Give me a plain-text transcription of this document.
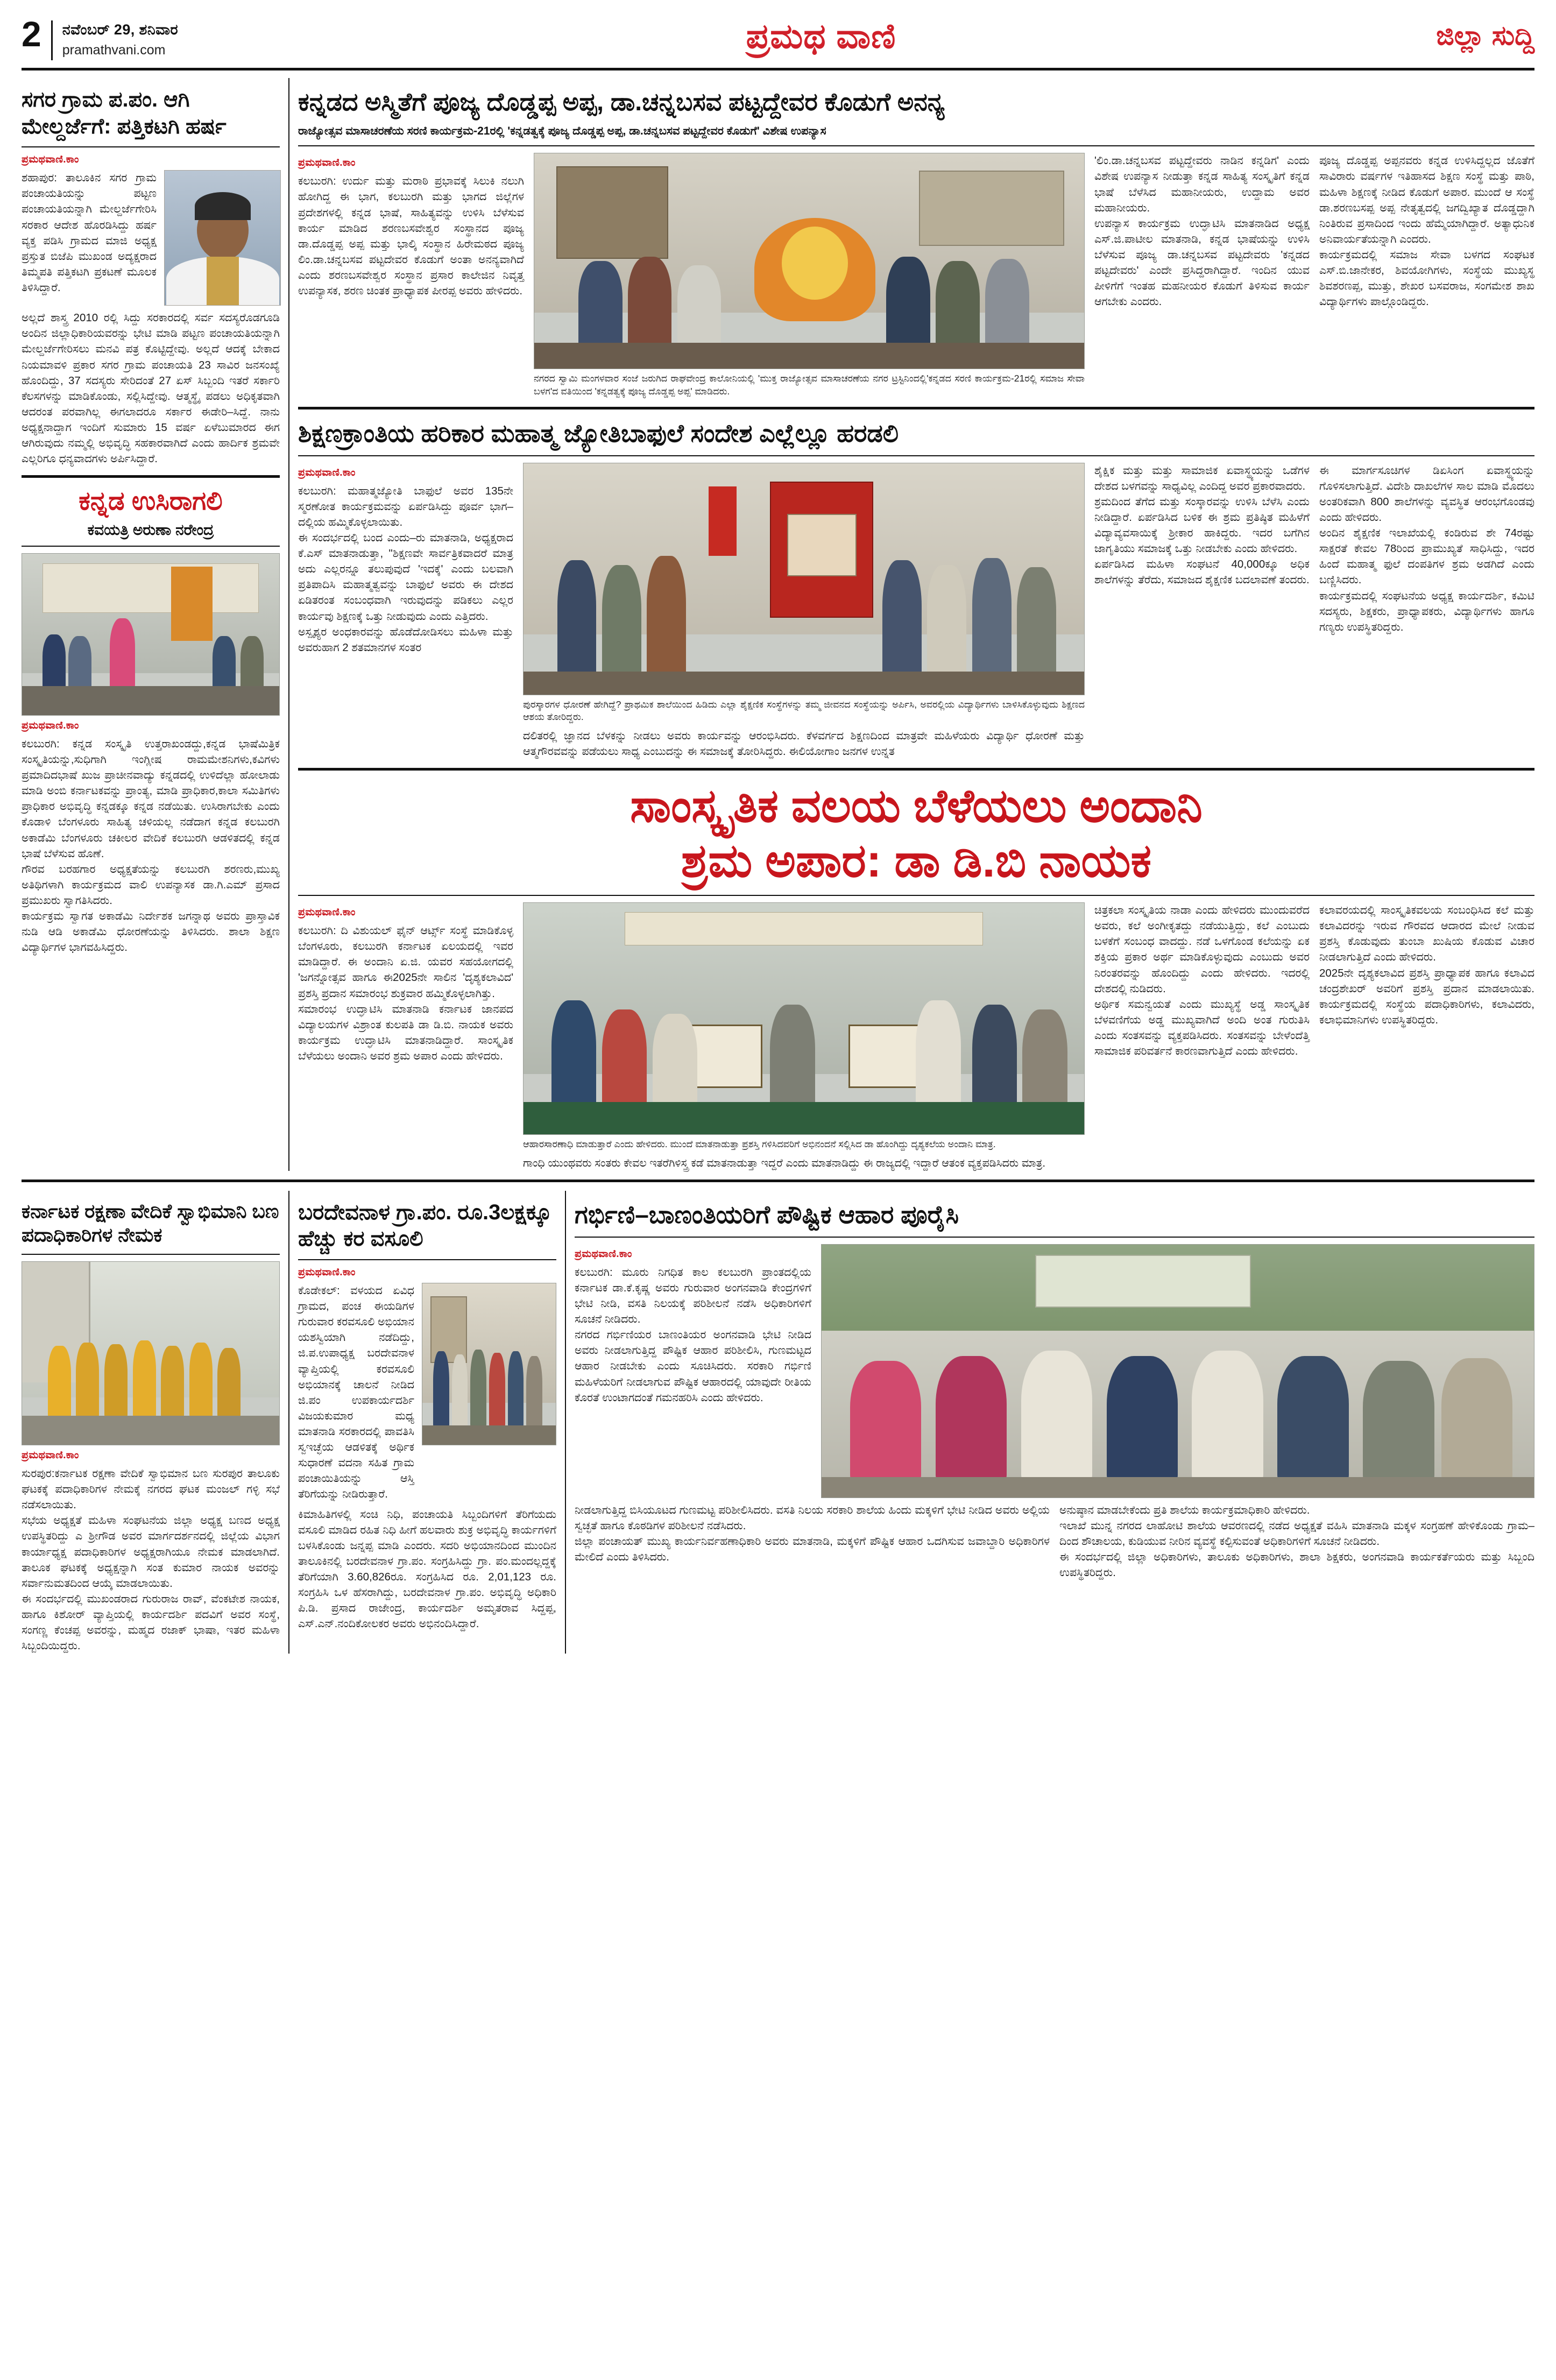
2 ನವೆಂಬರ್ 29, ಶನಿವಾರ
pramathvani.com	ಪ್ರಮಥ ವಾಣಿ	ಜಿಲ್ಲಾ ಸುದ್ದಿ
ಸಗರ ಗ್ರಾಮ ಪ.ಪಂ. ಆಗಿ ಮೇಲ್ದರ್ಜೆಗೆ: ಪತ್ತಿಕಟಗಿ ಹರ್ಷ
ಪ್ರಮಥವಾಣಿ.ಕಾಂ
ಶಹಾಪುರ: ತಾಲೂಕಿನ ಸಗರ ಗ್ರಾಮ ಪಂಚಾಯತಿಯನ್ನು ಪಟ್ಟಣ ಪಂಚಾಯತಿಯನ್ನಾಗಿ ಮೇಲ್ದರ್ಜೆಗೇರಿಸಿ ಸರಕಾರ ಆದೇಶ ಹೊರಡಿಸಿದ್ದು ಹರ್ಷ ವ್ಯಕ್ತ ಪಡಿಸಿ ಗ್ರಾಮದ ಮಾಜಿ ಅಧ್ಯಕ್ಷ ಪ್ರಸ್ತುತ ಬಿಜೆಪಿ ಮುಖಂಡ ಅದ್ಯಕ್ಷರಾದ ತಿಮ್ಮಪತಿ ಪತ್ತಿಕಟಗಿ ಪ್ರಕಟಣೆ ಮೂಲಕ ತಿಳಿಸಿದ್ದಾರೆ.
ಅಲ್ಲದೆ ಶಾಸ್ತ್ರ 2010 ರಲ್ಲಿ ಸಿದ್ದು ಸರಕಾರದಲ್ಲಿ ಸರ್ವ ಸದಸ್ಯರೊಡಗೂಡಿ ಅಂದಿನ ಜಿಲ್ಲಾಧಿಕಾರಿಯವರನ್ನು ಭೇಟಿ ಮಾಡಿ ಪಟ್ಟಣ ಪಂಚಾಯತಿಯನ್ನಾಗಿ ಮೇಲ್ದರ್ಜೆಗೇರಿಸಲು ಮನವಿ ಪತ್ರ ಕೊಟ್ಟಿದ್ದೇವು. ಅಲ್ಲದೆ ಆದಕ್ಕೆ ಬೇಕಾದ ನಿಯಮಾವಳಿ ಪ್ರಕಾರ ಸಗರ ಗ್ರಾಮ ಪಂಚಾಯತಿ 23 ಸಾವಿರ ಜನಸಂಖ್ಯೆ ಹೊಂದಿದ್ದು, 37 ಸದಸ್ಯರು ಸೇರಿದಂತೆ 27 ಏಸ್ ಸಿಬ್ಬಂದಿ ಇತರೆ ಸರ್ಕಾರಿ ಕೆಲಸಗಳನ್ನು ಮಾಡಿಕೊಂಡು, ಸಲ್ಲಿಸಿದ್ದೇವು. ಆತ್ಮಸ್ಥೈ ಪಡಲು ಅಧಿಕೃತವಾಗಿ ಆದರಂತ ಪರವಾಗಿಲ್ಲ ಈಗಲಾದರೂ ಸರ್ಕಾರ ಈಡೇರಿ–ಸಿದ್ದೆ. ನಾನು ಅಧ್ಯಕ್ಷನಾದ್ದಾಗ ಇಂದಿಗೆ ಸುಮಾರು 15 ವರ್ಷ ಏಳೆಬುಮಾರದ ಈಗ ಆಗಿರುವುದು ನಮ್ಮಲ್ಲಿ ಅಭಿವೃದ್ಧಿ ಸಹಕಾರವಾಗಿದೆ ಎಂದು ಹಾರ್ದಿಕ ಶ್ರಮವೇ ಎಲ್ಲರಿಗೂ ಧನ್ಯವಾದಗಳು ಅರ್ಪಿಸಿದ್ದಾರೆ.
ಕನ್ನಡ ಉಸಿರಾಗಲಿ
ಕವಯತ್ರಿ ಅರುಣಾ ನರೇಂದ್ರ
ಪ್ರಮಥವಾಣಿ.ಕಾಂ
ಕಲಬುರಗಿ: ಕನ್ನಡ ಸಂಸ್ಕೃತಿ ಉತ್ತರಾಖಂಡದ್ದು,ಕನ್ನಡ ಭಾಷೆಮಿತ್ರಿಕ ಸಂಸ್ಕೃತಿಯನ್ನು,ಸುಧಿಗಾಗಿ ಇಂಗ್ಲೀಷ ರಾಮಮೇಶನಿಗಳು,ಕವಿಗಳು ಪ್ರಮಾದಿದಭಾಷೆ ಖುಜ ಪ್ರಾಚೀನವಾದ್ಯು ಕನ್ನಡದಲ್ಲಿ ಉಳಿದೆಲ್ಲಾ ಹೋಲಾಡು ಮಾಡಿ ಅಂಬಿ ಕರ್ನಾಟಕವನ್ನು ಪ್ರಾಂತ್ಯ, ಮಾಡಿ ಪ್ರಾಧಿಕಾರ,ಕಾಲಾ ಸಮಿತಿಗಳು ಪ್ರಾಧಿಕಾರ ಅಭಿವೃದ್ಧಿ ಕನ್ನಡಕ್ಕೂ ಕನ್ನಡ ನಡೆಯಿತು. ಉಸಿರಾಗಬೇಕು ಎಂದು ಕೊಡಾಳಿ ಬೆಂಗಳೂರು ಸಾಹಿತ್ಯ ಚಳಿಯಲ್ಲ ನಡೆದಾಗ ಕನ್ನಡ ಕಲಬುರಗಿ ಅಕಾಡೆಮಿ ಬೆಂಗಳೂರು ಚಕೀಲರ ವೇದಿಕೆ ಕಲಬುರಗಿ ಆಡಳಿತದಲ್ಲಿ ಕನ್ನಡ ಭಾಷೆ ಬೆಳೆಸುವ ಹೊಣೆ.
ಗೌರವ ಬರಹಗಾರ ಅಧ್ಯಕ್ಷತೆಯನ್ನು ಕಲಬುರಗಿ ಶರಣರು,ಮುಖ್ಯ ಅತಿಥಿಗಳಾಗಿ ಕಾರ್ಯಕ್ರಮದ ವಾಲಿ ಉಪನ್ಯಾಸಕ ಡಾ.ಗಿ.ಎಮ್ ಪ್ರಸಾದ ಪ್ರಮುಖರು ಸ್ವಾಗತಿಸಿದರು.
ಕಾರ್ಯಕ್ರಮ ಸ್ವಾಗತ ಅಕಾಡೆಮಿ ನಿರ್ದೇಶಕ ಜಗನ್ನಾಥ ಅವರು ಪ್ರಾಸ್ತಾವಿಕ ನುಡಿ ಆಡಿ ಅಕಾಡೆಮಿ ಧೋರಣೆಯನ್ನು ತಿಳಿಸಿದರು. ಶಾಲಾ ಶಿಕ್ಷಣ ವಿದ್ಯಾರ್ಥಿಗಳ ಭಾಗವಹಿಸಿದ್ದರು.
ಕನ್ನಡದ ಅಸ್ಮಿತೆಗೆ ಪೂಜ್ಯ ದೊಡ್ಡಪ್ಪ ಅಪ್ಪ, ಡಾ.ಚನ್ನಬಸವ ಪಟ್ಟದ್ದೇವರ ಕೊಡುಗೆ ಅನನ್ಯ
ರಾಜ್ಯೋತ್ಸವ ಮಾಸಾಚರಣೆಯ ಸರಣಿ ಕಾರ್ಯಕ್ರಮ-21ರಲ್ಲಿ 'ಕನ್ನಡತ್ವಕ್ಕೆ ಪೂಜ್ಯ ದೊಡ್ಡಪ್ಪ ಅಪ್ಪ, ಡಾ.ಚನ್ನಬಸವ ಪಟ್ಟದ್ದೇವರ ಕೊಡುಗೆ' ವಿಶೇಷ ಉಪನ್ಯಾಸ
ಪ್ರಮಥವಾಣಿ.ಕಾಂ
ಕಲಬುರಗಿ: ಉರ್ದು ಮತ್ತು ಮರಾಠಿ ಪ್ರಭಾವಕ್ಕೆ ಸಿಲುಕಿ ನಲುಗಿ ಹೋಗಿದ್ದ ಈ ಭಾಗ, ಕಲಬುರಗಿ ಮತ್ತು ಭಾಗದ ಜಿಲ್ಲೆಗಳ ಪ್ರದೇಶಗಳಲ್ಲಿ ಕನ್ನಡ ಭಾಷೆ, ಸಾಹಿತ್ಯವನ್ನು ಉಳಿಸಿ ಬೆಳೆಸುವ ಕಾರ್ಯ ಮಾಡಿದ ಶರಣಬಸವೇಶ್ವರ ಸಂಸ್ಥಾನದ ಪೂಜ್ಯ ಡಾ.ದೊಡ್ಡಪ್ಪ ಅಪ್ಪ ಮತ್ತು ಭಾಲ್ಕಿ ಸಂಸ್ಥಾನ ಹಿರೇಮಠದ ಪೂಜ್ಯ ಲಿಂ.ಡಾ.ಚನ್ನಬಸವ ಪಟ್ಟದೇವರ ಕೊಡುಗೆ ಅಂತಾ ಅನನ್ಯವಾಗಿದೆ ಎಂದು ಶರಣಬಸವೇಶ್ವರ ಸಂಸ್ಥಾನ ಪ್ರಸಾರ ಕಾಲೇಜಿನ ನಿವೃತ್ತ ಉಪನ್ಯಾಸಕ, ಶರಣ ಚಿಂತಕ ಪ್ರಾಧ್ಯಾಪಕ ಪೀರಪ್ಪ ಅವರು ಹೇಳಿದರು.
ನಗರದ ಸ್ವಾಮಿ ಮಂಗಳವಾರ ಸಂಜೆ ಜರುಗಿದ ರಾಘವೇಂದ್ರ ಕಾಲೋನಿಯಲ್ಲಿ 'ಮುಕ್ತ ರಾಜ್ಯೋತ್ಸವ ಮಾಸಾಚರಣೆಯ ನಗರ ಟ್ರಸ್ಟಿನಿಂದಲ್ಲಿ'ಕನ್ನಡದ ಸರಣಿ ಕಾರ್ಯಕ್ರಮ-21ರಲ್ಲಿ ಸಮಾಜ ಸೇವಾ ಬಳಗ'ದ ವತಿಯಿಂದ 'ಕನ್ನಡತ್ವಕ್ಕೆ ಪೂಜ್ಯ ದೊಡ್ಡಪ್ಪ ಅಪ್ಪ' ಮಾಡಿದರು.
'ಲಿಂ.ಡಾ.ಚನ್ನಬಸವ ಪಟ್ಟದ್ದೇವರು ನಾಡಿನ ಕನ್ನಡಿಗ' ಎಂದು ವಿಶೇಷ ಉಪನ್ಯಾಸ ನೀಡುತ್ತಾ ಕನ್ನಡ ಸಾಹಿತ್ಯ ಸಂಸ್ಕೃತಿಗೆ ಕನ್ನಡ ಭಾಷೆ ಬೆಳೆಸಿದ ಮಹಾನೀಯರು, ಉದ್ದಾಮ ಅವರ ಮಹಾನೀಯರು.
ಉಪನ್ಯಾಸ ಕಾರ್ಯಕ್ರಮ ಉದ್ಘಾಟಿಸಿ ಮಾತನಾಡಿದ ಅಧ್ಯಕ್ಷ ಎಸ್.ಜಿ.ಪಾಟೀಲ ಮಾತನಾಡಿ, ಕನ್ನಡ ಭಾಷೆಯನ್ನು ಉಳಿಸಿ ಬೆಳೆಸುವ ಪೂಜ್ಯ ಡಾ.ಚನ್ನಬಸವ ಪಟ್ಟದೇವರು 'ಕನ್ನಡದ ಪಟ್ಟದೇವರು' ಎಂದೇ ಪ್ರಸಿದ್ದರಾಗಿದ್ದಾರೆ. ಇಂದಿನ ಯುವ ಪೀಳಿಗೆಗೆ ಇಂತಹ ಮಹನೀಯರ ಕೊಡುಗೆ ತಿಳಿಸುವ ಕಾರ್ಯ ಆಗಬೇಕು ಎಂದರು.
ಪೂಜ್ಯ ದೊಡ್ಡಪ್ಪ ಅಪ್ಪನವರು ಕನ್ನಡ ಉಳಿಸಿದ್ದಲ್ಲದ ಜೊತೆಗೆ ಸಾವಿರಾರು ವರ್ಷಗಳ ಇತಿಹಾಸದ ಶಿಕ್ಷಣ ಸಂಸ್ಥೆ ಮತ್ತು ಪಾಠಿ, ಮಹಿಳಾ ಶಿಕ್ಷಣಕ್ಕೆ ನೀಡಿದ ಕೊಡುಗೆ ಅಪಾರ. ಮುಂದೆ ಆ ಸಂಸ್ಥೆ ಡಾ.ಶರಣಬಸಪ್ಪ ಅಪ್ಪ ನೇತೃತ್ವದಲ್ಲಿ ಜಗದ್ವಿಖ್ಯಾತ ದೊಡ್ಡದ್ದಾಗಿ ನಿಂತಿರುವ ಪ್ರಸಾದಿಂದ ಇಂದು ಹೆಮ್ಮೆಯಾಗಿದ್ದಾರೆ. ಅತ್ಯಾಧುನಿಕ ಅನಿವಾರ್ಯತೆಯನ್ನಾಗಿ ಎಂದರು.
ಕಾರ್ಯಕ್ರಮದಲ್ಲಿ ಸಮಾಜ ಸೇವಾ ಬಳಗದ ಸಂಘಟಕ ಎಸ್.ಬಿ.ಜಾನೇಕರ, ಶಿವಯೋಗಿಗಳು, ಸಂಸ್ಥೆಯ ಮುಖ್ಯಸ್ಥ ಶಿವಶರಣಪ್ಪ, ಮುತ್ತು, ಶೇಖರ ಬಸವರಾಜ, ಸಂಗಮೇಶ ಶಾಖ ವಿದ್ಯಾರ್ಥಿಗಳು ಪಾಲ್ಗೊಂಡಿದ್ದರು.
ಶಿಕ್ಷಣಕ್ರಾಂತಿಯ ಹರಿಕಾರ ಮಹಾತ್ಮ ಜ್ಯೋತಿಬಾಫುಲೆ ಸಂದೇಶ ಎಲ್ಲೆಲ್ಲೂ ಹರಡಲಿ
ಪ್ರಮಥವಾಣಿ.ಕಾಂ
ಕಲಬುರಗಿ: ಮಹಾತ್ಮಜ್ಯೋತಿ ಬಾಫುಲೆ ಅವರ 135ನೇ ಸ್ಮರಣೋತ ಕಾರ್ಯಕ್ರಮವನ್ನು ಏರ್ಪಡಿಸಿದ್ದು ಪೂರ್ವ ಭಾಗ–ದಲ್ಲಿಯ ಹಮ್ಮಿಕೊಳ್ಳಲಾಯಿತು.
ಈ ಸಂದರ್ಭದಲ್ಲಿ ಬಂದ ಎಂದು–ರು ಮಾತನಾಡಿ, ಅಧ್ಯಕ್ಷರಾದ ಕೆ.ಎಸ್ ಮಾತನಾಡುತ್ತಾ, "ಶಿಕ್ಷಣವೇ ಸಾರ್ವತ್ರಿಕವಾದರೆ ಮಾತ್ರ ಅದು ಎಲ್ಲರನ್ನೂ ತಲುಪುವುದೆ 'ಇದಕ್ಕೆ' ಎಂದು ಬಲವಾಗಿ ಪ್ರತಿಪಾದಿಸಿ ಮಹಾತ್ಮತ್ವವನ್ನು ಬಾಫುಲೆ ಅವರು ಈ ದೇಶದ ಏಡಿತರಂತ ಸಂಬಂಧವಾಗಿ ಇರುವುದನ್ನು ಪಡಿಕಲು ಎಲ್ಲರ ಕಾರ್ಯವು ಶಿಕ್ಷಣಕ್ಕೆ ಒತ್ತು ನೀಡುವುದು ಎಂದು ಎತ್ತಿದರು.
ಅಸ್ಪೃಶ್ಯರ ಅಂಧಕಾರವನ್ನು ಹೊಡೆದೋಡಿಸಲು ಮಹಿಳಾ ಮತ್ತು ಅವರುಹಾಗ 2 ಶತಮಾನಗಳ ಸಂತರ
ಪುರಸ್ಕಾರಗಳ ಧೋರಣೆ ಹೇಗಿದ್ದೆ? ಪ್ರಾಥಮಿಕ ಶಾಲೆಯಿಂದ ಹಿಡಿದು ಎಲ್ಲಾ ಶೈಕ್ಷಣಿಕ ಸಂಸ್ಥೆಗಳನ್ನು ತಮ್ಮ ಜೀವನದ ಸಂಸ್ಥೆಯನ್ನು ಅರ್ಪಿಸಿ, ಅವರಲ್ಲಿಯ ವಿದ್ಯಾರ್ಥಿಗಳು ಬಾಳಿಸಿಕೊಳ್ಳುವುದು ಶಿಕ್ಷಣದ ಆಶಯ ತೋರಿದ್ದರು.
ದಲಿತರಲ್ಲಿ ಜ್ಞಾನದ ಬೆಳಕನ್ನು ನೀಡಲು ಅವರು ಕಾರ್ಯವನ್ನು ಆರಂಭಿಸಿದರು. ಕೆಳವರ್ಗದ ಶಿಕ್ಷಣದಿಂದ ಮಾತ್ರವೇ ಮಹಿಳೆಯರು ವಿದ್ಯಾರ್ಥಿ ಧೋರಣೆ ಮತ್ತು ಆತ್ಮಗೌರವವನ್ನು ಪಡೆಯಲು ಸಾಧ್ಯ ಎಂಬುದನ್ನು ಈ ಸಮಾಜಕ್ಕೆ ತೋರಿಸಿದ್ದರು. ಈಲಿಯೋಗಾಂ ಜನಗಳ ಉನ್ನತ
ಶೈಕ್ಷಿಕ ಮತ್ತು ಮತ್ತು ಸಾಮಾಜಿಕ ಏವಾಸ್ಥ್ಯಯನ್ನು ಒಡೆಗಳ ದೇಶದ ಬಳಗವನ್ನು ಸಾಧ್ಯವಿಲ್ಲ ಎಂದಿದ್ದ ಅವರ ಪ್ರಕಾರವಾದರು.
ಶ್ರಮದಿಂದ ತೆಗೆದ ಮತ್ತು ಸಂಸ್ಕಾರವನ್ನು ಉಳಿಸಿ ಬೆಳೆಸಿ ಎಂದು ನೀಡಿದ್ದಾರೆ. ಏರ್ಪಡಿಸಿದ ಬಳಿಕ ಈ ಶ್ರಮ ಪ್ರತಿಷ್ಠಿತ ಮಹಿಳೆಗೆ ವಿದ್ಯಾವ್ಯವಸಾಯಿಕ್ಕೆ ಶ್ರೀಕಾರ ಹಾಕಿದ್ದರು. ಇದರ ಬಗೆಗಿನ ಜಾಗೃತಿಯು ಸಮಾಜಕ್ಕೆ ಒತ್ತು ನೀಡಬೇಕು ಎಂದು ಹೇಳಿದರು.
ಏರ್ಪಡಿಸಿದ ಮಹಿಳಾ ಸಂಘಟನೆ 40,000ಕ್ಕೂ ಅಧಿಕ ಶಾಲೆಗಳನ್ನು ತೆರೆದು, ಸಮಾಜದ ಶೈಕ್ಷಣಿಕ ಬದಲಾವಣೆ ತಂದರು.
ಈ ಮಾರ್ಗಸೂಚಿಗಳ ಡಿಏಸಿಂಗ ಏವಾಸ್ಥ್ಯಯನ್ನು ಗೊಳಿಸಲಾಗುತ್ತಿದೆ. ವಿದೇಶಿ ದಾಖಲೆಗಳ ಸಾಲ ಮಾಡಿ ಮೊದಲು ಅಂತರಿಕವಾಗಿ 800 ಶಾಲೆಗಳನ್ನು ವ್ಯವಸ್ಥಿತ ಆರಂಭಗೊಂಡವು ಎಂದು ಹೇಳಿದರು.
ಅಂದಿನ ಶೈಕ್ಷಣಿಕ ಇಲಾಖೆಯಲ್ಲಿ ಕಂಡಿರುವ ಶೇ 74ರಷ್ಟು ಸಾಕ್ಷರತೆ ಕೇವಲ 78ರಿಂದ ಪ್ರಾಮುಖ್ಯತೆ ಸಾಧಿಸಿದ್ದು, ಇದರ ಹಿಂದೆ ಮಹಾತ್ಮ ಫುಲೆ ದಂಪತಿಗಳ ಶ್ರಮ ಅಡಗಿದೆ ಎಂದು ಬಣ್ಣಿಸಿದರು.
ಕಾರ್ಯಕ್ರಮದಲ್ಲಿ ಸಂಘಟನೆಯ ಅಧ್ಯಕ್ಷ ಕಾರ್ಯದರ್ಶಿ, ಕಮಿಟಿ ಸದಸ್ಯರು, ಶಿಕ್ಷಕರು, ಪ್ರಾಧ್ಯಾಪಕರು, ವಿದ್ಯಾರ್ಥಿಗಳು ಹಾಗೂ ಗಣ್ಯರು ಉಪಸ್ಥಿತರಿದ್ದರು.
ಸಾಂಸ್ಕೃತಿಕ ವಲಯ ಬೆಳೆಯಲು ಅಂದಾನಿ
ಶ್ರಮ ಅಪಾರ: ಡಾ ಡಿ.ಬಿ ನಾಯಕ
ಪ್ರಮಥವಾಣಿ.ಕಾಂ
ಕಲಬುರಗಿ: ದಿ ವಿಶುಯಲ್ ಫೈನ್ ಆರ್ಟ್ಸ್ ಸಂಸ್ಥೆ ಮಾಡಿಕೊಳ್ಳ ಬೆಂಗಳೂರು, ಕಲಬುರಗಿ ಕರ್ನಾಟಕ ಏಲಯದಲ್ಲಿ ಇವರ ಮಾಡಿದ್ದಾರೆ. ಈ ಅಂದಾನಿ ಏ.ಜಿ. ಯವರ ಸಹಯೋಗದಲ್ಲಿ 'ಜಗನ್ನೋತ್ಸವ ಹಾಗೂ ಈ2025ನೇ ಸಾಲಿನ 'ದೃಶ್ಯಕಲಾವಿದ' ಪ್ರಶಸ್ತಿ ಪ್ರದಾನ ಸಮಾರಂಭ ಶುಕ್ರವಾರ ಹಮ್ಮಿಕೊಳ್ಳಲಾಗಿತ್ತು.
ಸಮಾರಂಭ ಉದ್ಘಾಟಿಸಿ ಮಾತನಾಡಿ ಕರ್ನಾಟಕ ಜಾನಪದ ವಿದ್ಯಾಲಯಗಳ ವಿಶ್ರಾಂತ ಕುಲಪತಿ ಡಾ ಡಿ.ಬಿ. ನಾಯಕ ಅವರು ಕಾರ್ಯಕ್ರಮ ಉದ್ಘಾಟಿಸಿ ಮಾತನಾಡಿದ್ದಾರೆ. ಸಾಂಸ್ಕೃತಿಕ ಬೆಳೆಯಲು ಅಂದಾನಿ ಅವರ ಶ್ರಮ ಅಪಾರ ಎಂದು ಹೇಳಿದರು.
ಆಹಾರಸಾರಣಾಧಿ ಮಾಡುತ್ತಾರೆ ಎಂದು ಹೇಳಿದರು. ಮುಂದೆ ಮಾತನಾಡುತ್ತಾ ಪ್ರಶಸ್ತಿ ಗಳಿಸಿದವರಿಗೆ ಅಭಿನಂದನೆ ಸಲ್ಲಿಸಿದ ಡಾ ಹೊಂಗಿದ್ದು ದೃಶ್ಯಕಲೆಯ ಅಂದಾನಿ ಮಾತ್ರ.
ಗಾಂಧಿ ಯುಂಥವರು ಸಂತರು ಕೇವಲ ಇತರೆಗಿಳಿಸ್ತ್ರ ಕಡೆ ಮಾತನಾಡುತ್ತಾ ಇದ್ದರೆ ಎಂದು ಮಾತನಾಡಿದ್ದು ಈ ರಾಜ್ಯದಲ್ಲಿ ಇದ್ದಾರೆ ಆತಂಕ ವ್ಯಕ್ತಪಡಿಸಿದರು ಮಾತ್ರ.
ಚಿತ್ರಕಲಾ ಸಂಸ್ಕೃತಿಯ ನಾಡಾ ಎಂದು ಹೇಳಿದರು ಮುಂದುವರೆದ ಅವರು, ಕಲೆ ಅಂಗೀಕೃತದ್ದು ನಡೆಯುತ್ತಿದ್ದು, ಕಲೆ ಎಂಬುದು ಬಳಕೆಗೆ ಸಂಬಂಧ ವಾದದ್ದು. ನಡೆ ಒಳಗೊಂಡ ಕಲೆಯನ್ನು ಏಕ ಶಕ್ತಿಯ ಪ್ರಕಾರ ಅರ್ಥ ಮಾಡಿಕೊಳ್ಳುವುದು ಎಂಬುದು ಅವರ ನಿರಂತರವನ್ನು ಹೊಂದಿದ್ದು ಎಂದು ಹೇಳಿದರು. ಇದರಲ್ಲಿ ದೇಶದಲ್ಲಿ ನುಡಿದರು.
ಅರ್ಥಿಕ ಸಮನ್ವಯತೆ ಎಂದು ಮುಖ್ಯಸ್ಥೆ ಅಡ್ಡ ಸಾಂಸ್ಕೃತಿಕ ಬೆಳವಣಿಗೆಯ ಅಡ್ಡ ಮುಖ್ಯವಾಗಿದೆ ಅಂದಿ ಅಂತ ಗುರುತಿಸಿ ಎಂದು ಸಂತಸವನ್ನು ವ್ಯಕ್ತಪಡಿಸಿದರು. ಸಂತಸವನ್ನು ಬೇಳೆಂದೆತ್ತಿ ಸಾಮಾಜಿಕ ಪರಿವರ್ತನೆ ಕಾರಣವಾಗುತ್ತಿದೆ ಎಂದು ಹೇಳಿದರು.
ಕಲಾವರಯದಲ್ಲಿ ಸಾಂಸ್ಕೃತಿಕವಲಯ ಸಂಬಂಧಿಸಿದ ಕಲೆ ಮತ್ತು ಕಲಾವಿದರನ್ನು ಇರುವ ಗೌರವದ ಆದಾರದ ಮೇಲೆ ನೀಡುವ ಪ್ರಶಸ್ತಿ ಕೊಡುವುದು ತುಂಬಾ ಖುಷಿಯ ಕೊಡುವ ವಿಚಾರ ನೀಡಲಾಗುತ್ತಿದೆ ಎಂದು ಹೇಳಿದರು.
2025ನೇ ದೃಶ್ಯಕಲಾವಿದ ಪ್ರಶಸ್ತಿ ಪ್ರಾಧ್ಯಾಪಕ ಹಾಗೂ ಕಲಾವಿದ ಚಂದ್ರಶೇಖರ್ ಅವರಿಗೆ ಪ್ರಶಸ್ತಿ ಪ್ರದಾನ ಮಾಡಲಾಯಿತು. ಕಾರ್ಯಕ್ರಮದಲ್ಲಿ ಸಂಸ್ಥೆಯ ಪದಾಧಿಕಾರಿಗಳು, ಕಲಾವಿದರು, ಕಲಾಭಿಮಾನಿಗಳು ಉಪಸ್ಥಿತರಿದ್ದರು.
ಕರ್ನಾಟಕ ರಕ್ಷಣಾ ವೇದಿಕೆ ಸ್ವಾಭಿಮಾನಿ ಬಣ ಪದಾಧಿಕಾರಿಗಳ ನೇಮಕ
ಪ್ರಮಥವಾಣಿ.ಕಾಂ
ಸುರಪುರ:ಕರ್ನಾಟಕ ರಕ್ಷಣಾ ವೇದಿಕೆ ಸ್ವಾಭಿಮಾನ ಬಣ ಸುರಪುರ ತಾಲೂಕು ಘಟಕಕ್ಕೆ ಪದಾಧಿಕಾರಿಗಳ ನೇಮಕ್ಕೆ ನಗರದ ಘಟಕ ಮಂಜಲ್ ಗಳ್ಳಿ ಸಭೆ ನಡೆಸಲಾಯಿತು.
ಸಭೆಯ ಅಧ್ಯಕ್ಷತೆ ಮಹಿಳಾ ಸಂಘಟನೆಯ ಜಿಲ್ಲಾ ಅಧ್ಯಕ್ಷ ಬಣದ ಅಧ್ಯಕ್ಷ ಉಪಸ್ಥಿತರಿದ್ದು ಎ ಶ್ರೀಗೌಡ ಅವರ ಮಾರ್ಗದರ್ಶನದಲ್ಲಿ ಜಿಲ್ಲೆಯ ವಿಭಾಗ ಕಾರ್ಯಾಧ್ಯಕ್ಷ ಪದಾಧಿಕಾರಿಗಳ ಅಧ್ಯಕ್ಷರಾಗಿಯೂ ನೇಮಕ ಮಾಡಲಾಗಿದೆ. ತಾಲೂಕ ಘಟಕಕ್ಕೆ ಅಧ್ಯಕ್ಷನ್ನಾಗಿ ಸಂತ ಕುಮಾರ ನಾಯಕ ಅವರನ್ನು ಸರ್ವಾನುಮತದಿಂದ ಆಯ್ಕೆ ಮಾಡಲಾಯಿತು.
ಈ ಸಂದರ್ಭದಲ್ಲಿ ಮುಖಂಡರಾದ ಗುರುರಾಜ ರಾವ್, ವೆಂಕಟೇಶ ನಾಯಕ, ಹಾಗೂ ಕಿಶೋರ್ ವ್ಯಾಪ್ತಿಯಲ್ಲಿ ಕಾರ್ಯದರ್ಶಿ ಪದವಿಗೆ ಅವರ ಸಂಸ್ಥೆ, ಸಂಗಣ್ಣ ಕೆಂಚಪ್ಪ ಅವರನ್ನು, ಮಹ್ಮದ ರಜಾಕ್ ಭಾಷಾ, ಇತರ ಮಹಿಳಾ ಸಿಬ್ಬಂದಿಯಿದ್ದರು.
ಬರದೇವನಾಳ ಗ್ರಾ.ಪಂ. ರೂ.3ಲಕ್ಷಕ್ಕೂ ಹೆಚ್ಚು ಕರ ವಸೂಲಿ
ಪ್ರಮಥವಾಣಿ.ಕಾಂ
ಕೊಡೇಕಲ್: ವಳಯದ ಏವಿಧ ಗ್ರಾಮದ, ಪಂಚ ಈಯಡಿಗಳ ಗುರುವಾರ ಕರವಸೂಲಿ ಅಭಿಯಾನ ಯಶಸ್ವಿಯಾಗಿ ನಡೆದಿದ್ದು, ಜಿ.ಪ.ಉಪಾಧ್ಯಕ್ಷ ಬರದೇವನಾಳ ವ್ಯಾಪ್ತಿಯಲ್ಲಿ ಕರವಸೂಲಿ ಅಭಿಯಾನಕ್ಕೆ ಚಾಲನೆ ನೀಡಿದ ಜಿ.ಪಂ ಉಪಕಾರ್ಯದರ್ಶಿ ವಿಜಯಕುಮಾರ ಮಧ್ಯ ಮಾತನಾಡಿ ಸರಕಾರದಲ್ಲಿ ಪಾವತಿಸಿ ಸ್ವಇಚ್ಛೆಯ ಆಡಳಿತಕ್ಕೆ ಅರ್ಥಿಕ ಸುಧಾರಣೆ ವದನಾ ಸಹಿತ ಗ್ರಾಮ ಪಂಚಾಯಿತಿಯನ್ನು ಆಸ್ತಿ ತೆರಿಗೆಯನ್ನು ನೀಡಿರುತ್ತಾರೆ.
ಕಿಮಾಹಿತಿಗಳಲ್ಲಿ ಸಂಚಿ ನಿಧಿ, ಪಂಚಾಯತಿ ಸಿಬ್ಬಂದಿಗಳಿಗೆ ತೆರಿಗೆಯದು ವಸೂಲಿ ಮಾಡಿದ ರಹಿತ ನಿಧಿ ಹೀಗೆ ಹಲವಾರು ಶುಕ್ರ ಅಭಿವೃದ್ಧಿ ಕಾರ್ಯಗಳಿಗೆ ಬಳಸಿಕೊಂಡು ಜನ್ನಪ್ಪ ಮಾಡಿ ಎಂದರು. ಸದರಿ ಅಭಿಯಾನದಿಂದ ಮುಂದಿನ ತಾಲೂಕಿನಲ್ಲಿ ಬರದೇವನಾಳ ಗ್ರಾ.ಪಂ. ಸಂಗ್ರಹಿಸಿದ್ದು ಗ್ರಾ. ಪಂ.ಮಂದಲ್ಲದ್ದಕ್ಕೆ ತೆರಿಗೆಯಾಗಿ 3.60,826ರೂ. ಸಂಗ್ರಹಿಸಿದ ರೂ. 2,01,123 ರೂ. ಸಂಗ್ರಹಿಸಿ ಒಳ ಹೆಸರಾಗಿದ್ದು, ಬರದೇವನಾಳ ಗ್ರಾ.ಪಂ. ಅಭಿವೃದ್ಧಿ ಅಧಿಕಾರಿ ಪಿ.ಡಿ. ಪ್ರಸಾದ ರಾಜೇಂದ್ರ, ಕಾರ್ಯದರ್ಶಿ ಅಮೃತರಾವ ಸಿದ್ದಪ್ಪ, ಎಸ್.ಎನ್.ನಂದಿಕೋಲಕರ ಅವರು ಅಭಿನಂದಿಸಿದ್ದಾರೆ.
ಗರ್ಭಿಣಿ–ಬಾಣಂತಿಯರಿಗೆ ಪೌಷ್ಟಿಕ ಆಹಾರ ಪೂರೈಸಿ
ಪ್ರಮಥವಾಣಿ.ಕಾಂ
ಕಲಬುರಗಿ: ಮೂರು ನಿಗಧಿತ ಕಾಲ ಕಲಬುರಗಿ ಪ್ರಾಂತದಲ್ಲಿಯ ಕರ್ನಾಟಕ ಡಾ.ಕೆ.ಕೃಷ್ಣ ಅವರು ಗುರುವಾರ ಅಂಗನವಾಡಿ ಕೇಂದ್ರಗಳಿಗೆ ಭೇಟಿ ನೀಡಿ, ವಸತಿ ನಿಲಯಕ್ಕೆ ಪರಿಶೀಲನೆ ನಡೆಸಿ ಅಧಿಕಾರಿಗಳಿಗೆ ಸೂಚನೆ ನೀಡಿದರು.
ನಗರದ ಗರ್ಭಿಣಿಯರ ಬಾಣಂತಿಯರ ಅಂಗನವಾಡಿ ಭೇಟಿ ನೀಡಿದ ಅವರು ನೀಡಲಾಗುತ್ತಿದ್ದ ಪೌಷ್ಟಿಕ ಆಹಾರ ಪರಿಶೀಲಿಸಿ, ಗುಣಮಟ್ಟದ ಆಹಾರ ನೀಡಬೇಕು ಎಂದು ಸೂಚಿಸಿದರು. ಸರಕಾರಿ ಗರ್ಭಿಣಿ ಮಹಿಳೆಯರಿಗೆ ನೀಡಲಾಗುವ ಪೌಷ್ಟಿಕ ಆಹಾರದಲ್ಲಿ ಯಾವುದೇ ರೀತಿಯ ಕೊರತೆ ಉಂಟಾಗದಂತೆ ಗಮನಹರಿಸಿ ಎಂದು ಹೇಳಿದರು.
ನೀಡಲಾಗುತ್ತಿದ್ದ ಬಿಸಿಯೂಟದ ಗುಣಮಟ್ಟ ಪರಿಶೀಲಿಸಿದರು. ವಸತಿ ನಿಲಯ ಸರಕಾರಿ ಶಾಲೆಯ ಹಿಂದು ಮಕ್ಕಳಿಗೆ ಭೇಟಿ ನೀಡಿದ ಅವರು ಅಲ್ಲಿಯ ಸ್ವಚ್ಛತೆ ಹಾಗೂ ಕೊಠಡಿಗಳ ಪರಿಶೀಲನೆ ನಡೆಸಿದರು.
ಜಿಲ್ಲಾ ಪಂಚಾಯತ್ ಮುಖ್ಯ ಕಾರ್ಯನಿರ್ವಹಣಾಧಿಕಾರಿ ಅವರು ಮಾತನಾಡಿ, ಮಕ್ಕಳಿಗೆ ಪೌಷ್ಟಿಕ ಆಹಾರ ಒದಗಿಸುವ ಜವಾಬ್ದಾರಿ ಅಧಿಕಾರಿಗಳ ಮೇಲಿದೆ ಎಂದು ತಿಳಿಸಿದರು.
ಅನುಷ್ಠಾನ ಮಾಡಬೇಕೆಂದು ಪ್ರತಿ ಶಾಲೆಯ ಕಾರ್ಯಕ್ರಮಾಧಿಕಾರಿ ಹೇಳಿದರು.
ಇಲಾಖೆ ಮುನ್ನ ನಗರದ ಲಾಹೋಟಿ ಶಾಲೆಯ ಆವರಣದಲ್ಲಿ ನಡೆದ ಅಧ್ಯಕ್ಷತೆ ವಹಿಸಿ ಮಾತನಾಡಿ ಮಕ್ಕಳ ಸಂಗ್ರಹಣೆ ಹೇಳಿಕೊಂಡು ಗ್ರಾಮ–ದಿಂದ ಶೌಚಾಲಯ, ಕುಡಿಯುವ ನೀರಿನ ವ್ಯವಸ್ಥೆ ಕಲ್ಪಿಸುವಂತೆ ಅಧಿಕಾರಿಗಳಿಗೆ ಸೂಚನೆ ನೀಡಿದರು.
ಈ ಸಂದರ್ಭದಲ್ಲಿ ಜಿಲ್ಲಾ ಅಧಿಕಾರಿಗಳು, ತಾಲೂಕು ಅಧಿಕಾರಿಗಳು, ಶಾಲಾ ಶಿಕ್ಷಕರು, ಅಂಗನವಾಡಿ ಕಾರ್ಯಕರ್ತೆಯರು ಮತ್ತು ಸಿಬ್ಬಂದಿ ಉಪಸ್ಥಿತರಿದ್ದರು.
